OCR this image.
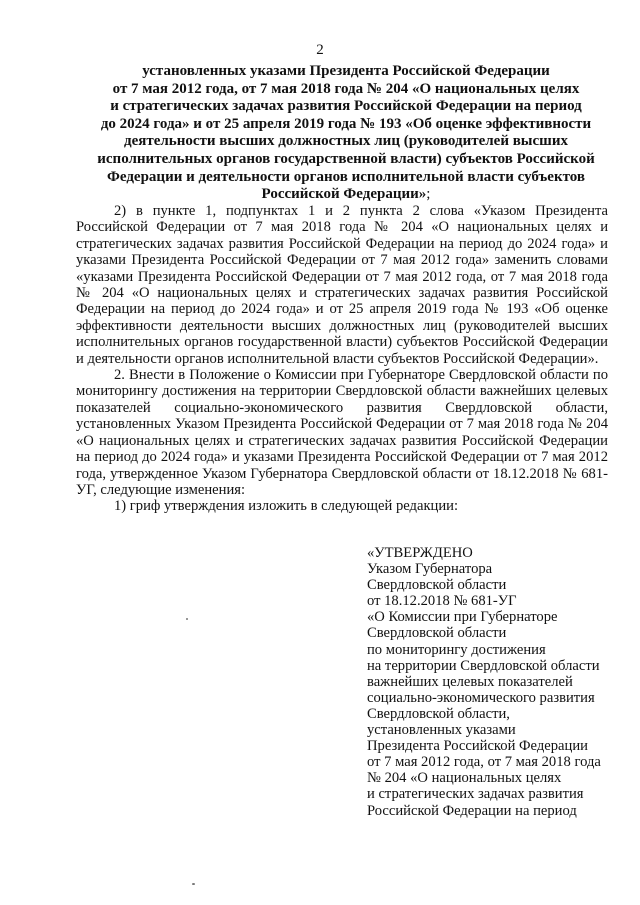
2
установленных указами Президента Российской Федерации
от 7 мая 2012 года, от 7 мая 2018 года № 204 «О национальных целях
и стратегических задачах развития Российской Федерации на период
до 2024 года» и от 25 апреля 2019 года № 193 «Об оценке эффективности
деятельности высших должностных лиц (руководителей высших
исполнительных органов государственной власти) субъектов Российской
Федерации и деятельности органов исполнительной власти субъектов
Российской Федерации»;

2) в пункте 1, подпунктах 1 и 2 пункта 2 слова «Указом Президента Российской Федерации от 7 мая 2018 года № 204 «О национальных целях и стратегических задачах развития Российской Федерации на период до 2024 года» и указами Президента Российской Федерации от 7 мая 2012 года» заменить словами «указами Президента Российской Федерации от 7 мая 2012 года, от 7 мая 2018 года № 204 «О национальных целях и стратегических задачах развития Российской Федерации на период до 2024 года» и от 25 апреля 2019 года № 193 «Об оценке эффективности деятельности высших должностных лиц (руководителей высших исполнительных органов государственной власти) субъектов Российской Федерации и деятельности органов исполнительной власти субъектов Российской Федерации».

2. Внести в Положение о Комиссии при Губернаторе Свердловской области по мониторингу достижения на территории Свердловской области важнейших целевых показателей социально-экономического развития Свердловской области, установленных Указом Президента Российской Федерации от 7 мая 2018 года № 204 «О национальных целях и стратегических задачах развития Российской Федерации на период до 2024 года» и указами Президента Российской Федерации от 7 мая 2012 года, утвержденное Указом Губернатора Свердловской области от 18.12.2018 № 681-УГ, следующие изменения:

1) гриф утверждения изложить в следующей редакции:

«УТВЕРЖДЕНО
Указом Губернатора
Свердловской области
от 18.12.2018 № 681-УГ
«О Комиссии при Губернаторе
Свердловской области
по мониторингу достижения
на территории Свердловской области
важнейших целевых показателей
социально-экономического развития
Свердловской области,
установленных указами
Президента Российской Федерации
от 7 мая 2012 года, от 7 мая 2018 года
№ 204 «О национальных целях
и стратегических задачах развития
Российской Федерации на период
